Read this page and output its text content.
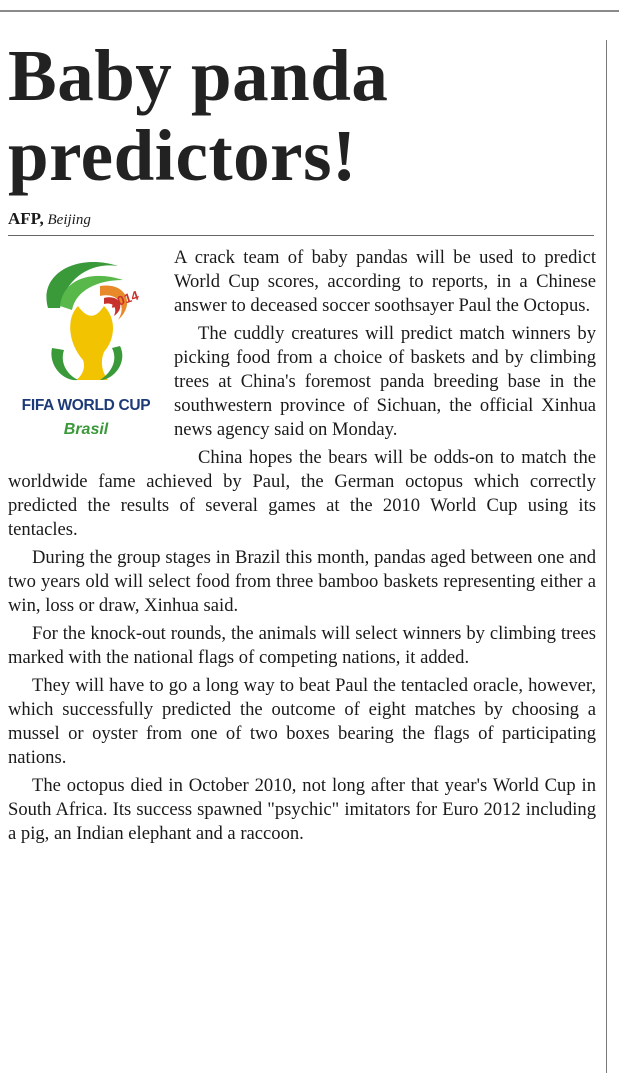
Baby panda predictors!
AFP, Beijing
2014
FIFA WORLD CUP
Brasil

A crack team of baby pandas will be used to predict World Cup scores, according to reports, in a Chinese answer to deceased soccer soothsayer Paul the Octopus.

The cuddly creatures will predict match winners by picking food from a choice of baskets and by climbing trees at China's foremost panda breeding base in the southwestern province of Sichuan, the official Xinhua news agency said on Monday.

China hopes the bears will be odds-on to match the worldwide fame achieved by Paul, the German octopus which correctly predicted the results of several games at the 2010 World Cup using its tentacles.

During the group stages in Brazil this month, pandas aged between one and two years old will select food from three bamboo baskets representing either a win, loss or draw, Xinhua said.

For the knock-out rounds, the animals will select winners by climbing trees marked with the national flags of competing nations, it added.

They will have to go a long way to beat Paul the tentacled oracle, however, which successfully predicted the outcome of eight matches by choosing a mussel or oyster from one of two boxes bearing the flags of participating nations.

The octopus died in October 2010, not long after that year's World Cup in South Africa. Its success spawned "psychic" imitators for Euro 2012 including a pig, an Indian elephant and a raccoon.
